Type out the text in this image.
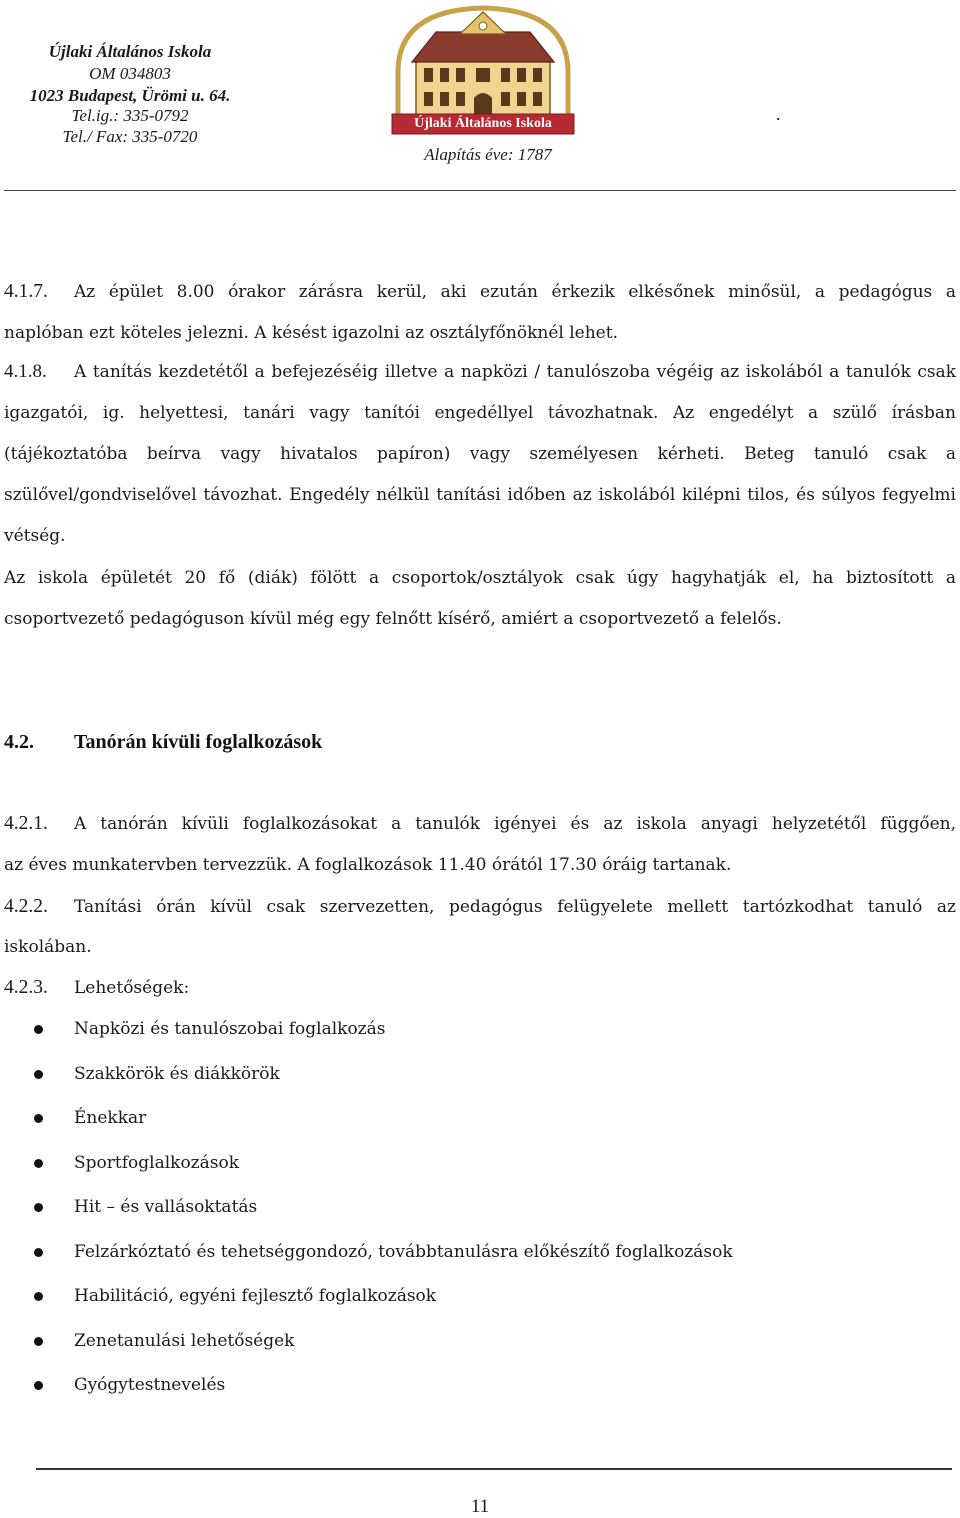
Újlaki Általános Iskola
OM 034803
1023 Budapest, Ürömi u. 64.
Tel.ig.: 335-0792
Tel./ Fax: 335-0720
Újlaki Általános Iskola	.
Alapítás éve: 1787
4.1.7. Az épület 8.00 órakor zárásra kerül, aki ezután érkezik elkésőnek minősül, a pedagógus a
naplóban ezt köteles jelezni. A késést igazolni az osztályfőnöknél lehet.
4.1.8. A tanítás kezdetétől a befejezéséig illetve a napközi / tanulószoba végéig az iskolából a tanulók csak igazgatói, ig. helyettesi, tanári vagy tanítói engedéllyel távozhatnak. Az engedélyt a szülő írásban (tájékoztatóba beírva vagy hivatalos papíron) vagy személyesen kérheti. Beteg tanuló csak a szülővel/gondviselővel távozhat. Engedély nélkül tanítási időben az iskolából kilépni tilos, és súlyos fegyelmi vétség.
Az iskola épületét 20 fő (diák) fölött a csoportok/osztályok csak úgy hagyhatják el, ha biztosított a
csoportvezető pedagóguson kívül még egy felnőtt kísérő, amiért a csoportvezető a felelős.
4.2. Tanórán kívüli foglalkozások
4.2.1. A tanórán kívüli foglalkozásokat a tanulók igényei és az iskola anyagi helyzetétől függően,
az éves munkatervben tervezzük. A foglalkozások 11.40 órától 17.30 óráig tartanak.
4.2.2. Tanítási órán kívül csak szervezetten, pedagógus felügyelete mellett tartózkodhat tanuló az
iskolában.
4.2.3. Lehetőségek:
Napközi és tanulószobai foglalkozás
Szakkörök és diákkörök
Énekkar
Sportfoglalkozások
Hit – és vallásoktatás
Felzárkóztató és tehetséggondozó, továbbtanulásra előkészítő foglalkozások
Habilitáció, egyéni fejlesztő foglalkozások
Zenetanulási lehetőségek
Gyógytestnevelés
11
